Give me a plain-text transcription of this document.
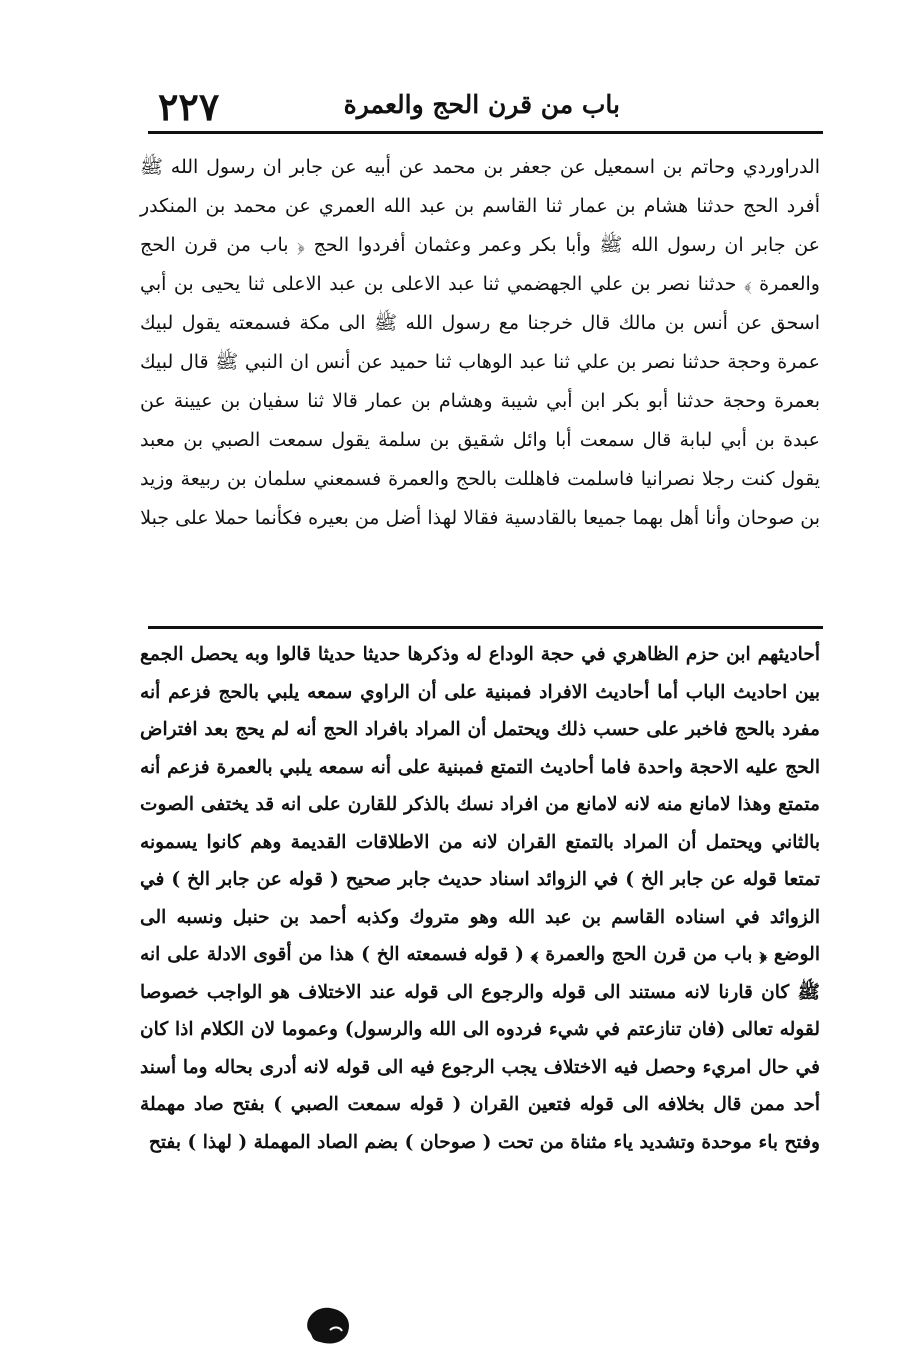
باب من قرن الحج والعمرة
٢٢٧
الدراوردي وحاتم بن اسمعيل عن جعفر بن محمد عن أبيه عن جابر ان رسول الله ﷺ أفرد الحج حدثنا هشام بن عمار ثنا القاسم بن عبد الله العمري عن محمد بن المنكدر عن جابر ان رسول الله ﷺ وأبا بكر وعمر وعثمان أفردوا الحج ﴿ باب من قرن الحج والعمرة ﴾ حدثنا نصر بن علي الجهضمي ثنا عبد الاعلى بن عبد الاعلى ثنا يحيى بن أبي اسحق عن أنس بن مالك قال خرجنا مع رسول الله ﷺ الى مكة فسمعته يقول لبيك عمرة وحجة حدثنا نصر بن علي ثنا عبد الوهاب ثنا حميد عن أنس ان النبي ﷺ قال لبيك بعمرة وحجة حدثنا أبو بكر ابن أبي شيبة وهشام بن عمار قالا ثنا سفيان بن عيينة عن عبدة بن أبي لبابة قال سمعت أبا وائل شقيق بن سلمة يقول سمعت الصبي بن معبد يقول كنت رجلا نصرانيا فاسلمت فاهللت بالحج والعمرة فسمعني سلمان بن ربيعة وزيد بن صوحان وأنا أهل بهما جميعا بالقادسية فقالا لهذا أضل من بعيره فكأنما حملا على جبلا
أحاديثهم ابن حزم الظاهري في حجة الوداع له وذكرها حديثا حديثا قالوا وبه يحصل الجمع بين احاديث الباب أما أحاديث الافراد فمبنية على أن الراوي سمعه يلبي بالحج فزعم أنه مفرد بالحج فاخبر على حسب ذلك ويحتمل أن المراد بافراد الحج أنه لم يحج بعد افتراض الحج عليه الاحجة واحدة فاما أحاديث التمتع فمبنية على أنه سمعه يلبي بالعمرة فزعم أنه متمتع وهذا لامانع منه لانه لامانع من افراد نسك بالذكر للقارن على انه قد يختفى الصوت بالثاني ويحتمل أن المراد بالتمتع القران لانه من الاطلاقات القديمة وهم كانوا يسمونه تمتعا قوله عن جابر الخ ) في الزوائد اسناد حديث جابر صحيح ( قوله عن جابر الخ ) في الزوائد في اسناده القاسم بن عبد الله وهو متروك وكذبه أحمد بن حنبل ونسبه الى الوضع ﴿ باب من قرن الحج والعمرة ﴾ ( قوله فسمعته الخ ) هذا من أقوى الادلة على انه ﷺ كان قارنا لانه مستند الى قوله والرجوع الى قوله عند الاختلاف هو الواجب خصوصا لقوله تعالى (فان تنازعتم في شيء فردوه الى الله والرسول) وعموما لان الكلام اذا كان في حال امريء وحصل فيه الاختلاف يجب الرجوع فيه الى قوله لانه أدرى بحاله وما أسند أحد ممن قال بخلافه الى قوله فتعين القران ( قوله سمعت الصبي ) بفتح صاد مهملة وفتح باء موحدة وتشديد ياء مثناة من تحت ( صوحان ) بضم الصاد المهملة ( لهذا ) بفتح
